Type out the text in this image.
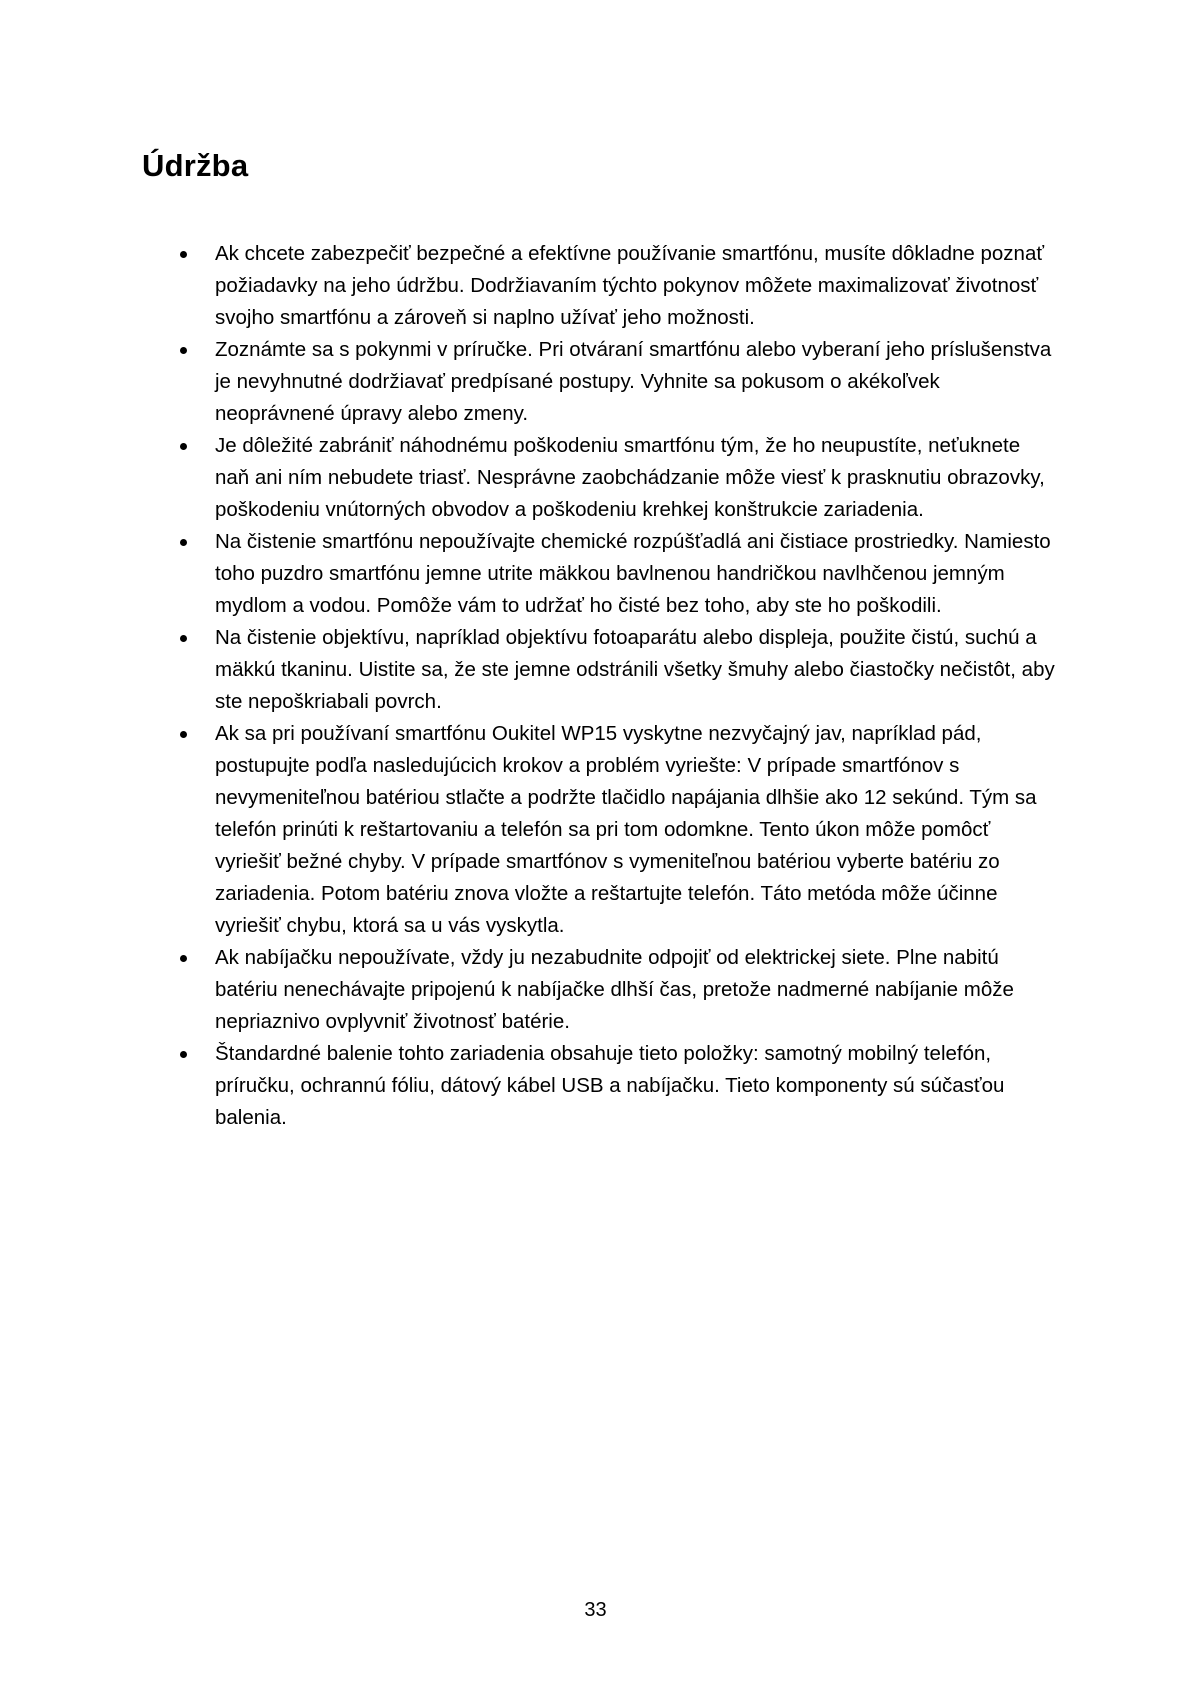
Údržba
Ak chcete zabezpečiť bezpečné a efektívne používanie smartfónu, musíte dôkladne poznať požiadavky na jeho údržbu. Dodržiavaním týchto pokynov môžete maximalizovať životnosť svojho smartfónu a zároveň si naplno užívať jeho možnosti.
Zoznámte sa s pokynmi v príručke. Pri otváraní smartfónu alebo vyberaní jeho príslušenstva je nevyhnutné dodržiavať predpísané postupy. Vyhnite sa pokusom o akékoľvek neoprávnené úpravy alebo zmeny.
Je dôležité zabrániť náhodnému poškodeniu smartfónu tým, že ho neupustíte, neťuknete naň ani ním nebudete triasť. Nesprávne zaobchádzanie môže viesť k prasknutiu obrazovky, poškodeniu vnútorných obvodov a poškodeniu krehkej konštrukcie zariadenia.
Na čistenie smartfónu nepoužívajte chemické rozpúšťadlá ani čistiace prostriedky. Namiesto toho puzdro smartfónu jemne utrite mäkkou bavlnenou handričkou navlhčenou jemným mydlom a vodou. Pomôže vám to udržať ho čisté bez toho, aby ste ho poškodili.
Na čistenie objektívu, napríklad objektívu fotoaparátu alebo displeja, použite čistú, suchú a mäkkú tkaninu. Uistite sa, že ste jemne odstránili všetky šmuhy alebo čiastočky nečistôt, aby ste nepoškriabali povrch.
Ak sa pri používaní smartfónu Oukitel WP15 vyskytne nezvyčajný jav, napríklad pád, postupujte podľa nasledujúcich krokov a problém vyriešte: V prípade smartfónov s nevymeniteľnou batériou stlačte a podržte tlačidlo napájania dlhšie ako 12 sekúnd. Tým sa telefón prinúti k reštartovaniu a telefón sa pri tom odomkne. Tento úkon môže pomôcť vyriešiť bežné chyby. V prípade smartfónov s vymeniteľnou batériou vyberte batériu zo zariadenia. Potom batériu znova vložte a reštartujte telefón. Táto metóda môže účinne vyriešiť chybu, ktorá sa u vás vyskytla.
Ak nabíjačku nepoužívate, vždy ju nezabudnite odpojiť od elektrickej siete. Plne nabitú batériu nenechávajte pripojenú k nabíjačke dlhší čas, pretože nadmerné nabíjanie môže nepriaznivo ovplyvniť životnosť batérie.
Štandardné balenie tohto zariadenia obsahuje tieto položky: samotný mobilný telefón, príručku, ochrannú fóliu, dátový kábel USB a nabíjačku. Tieto komponenty sú súčasťou balenia.
33
